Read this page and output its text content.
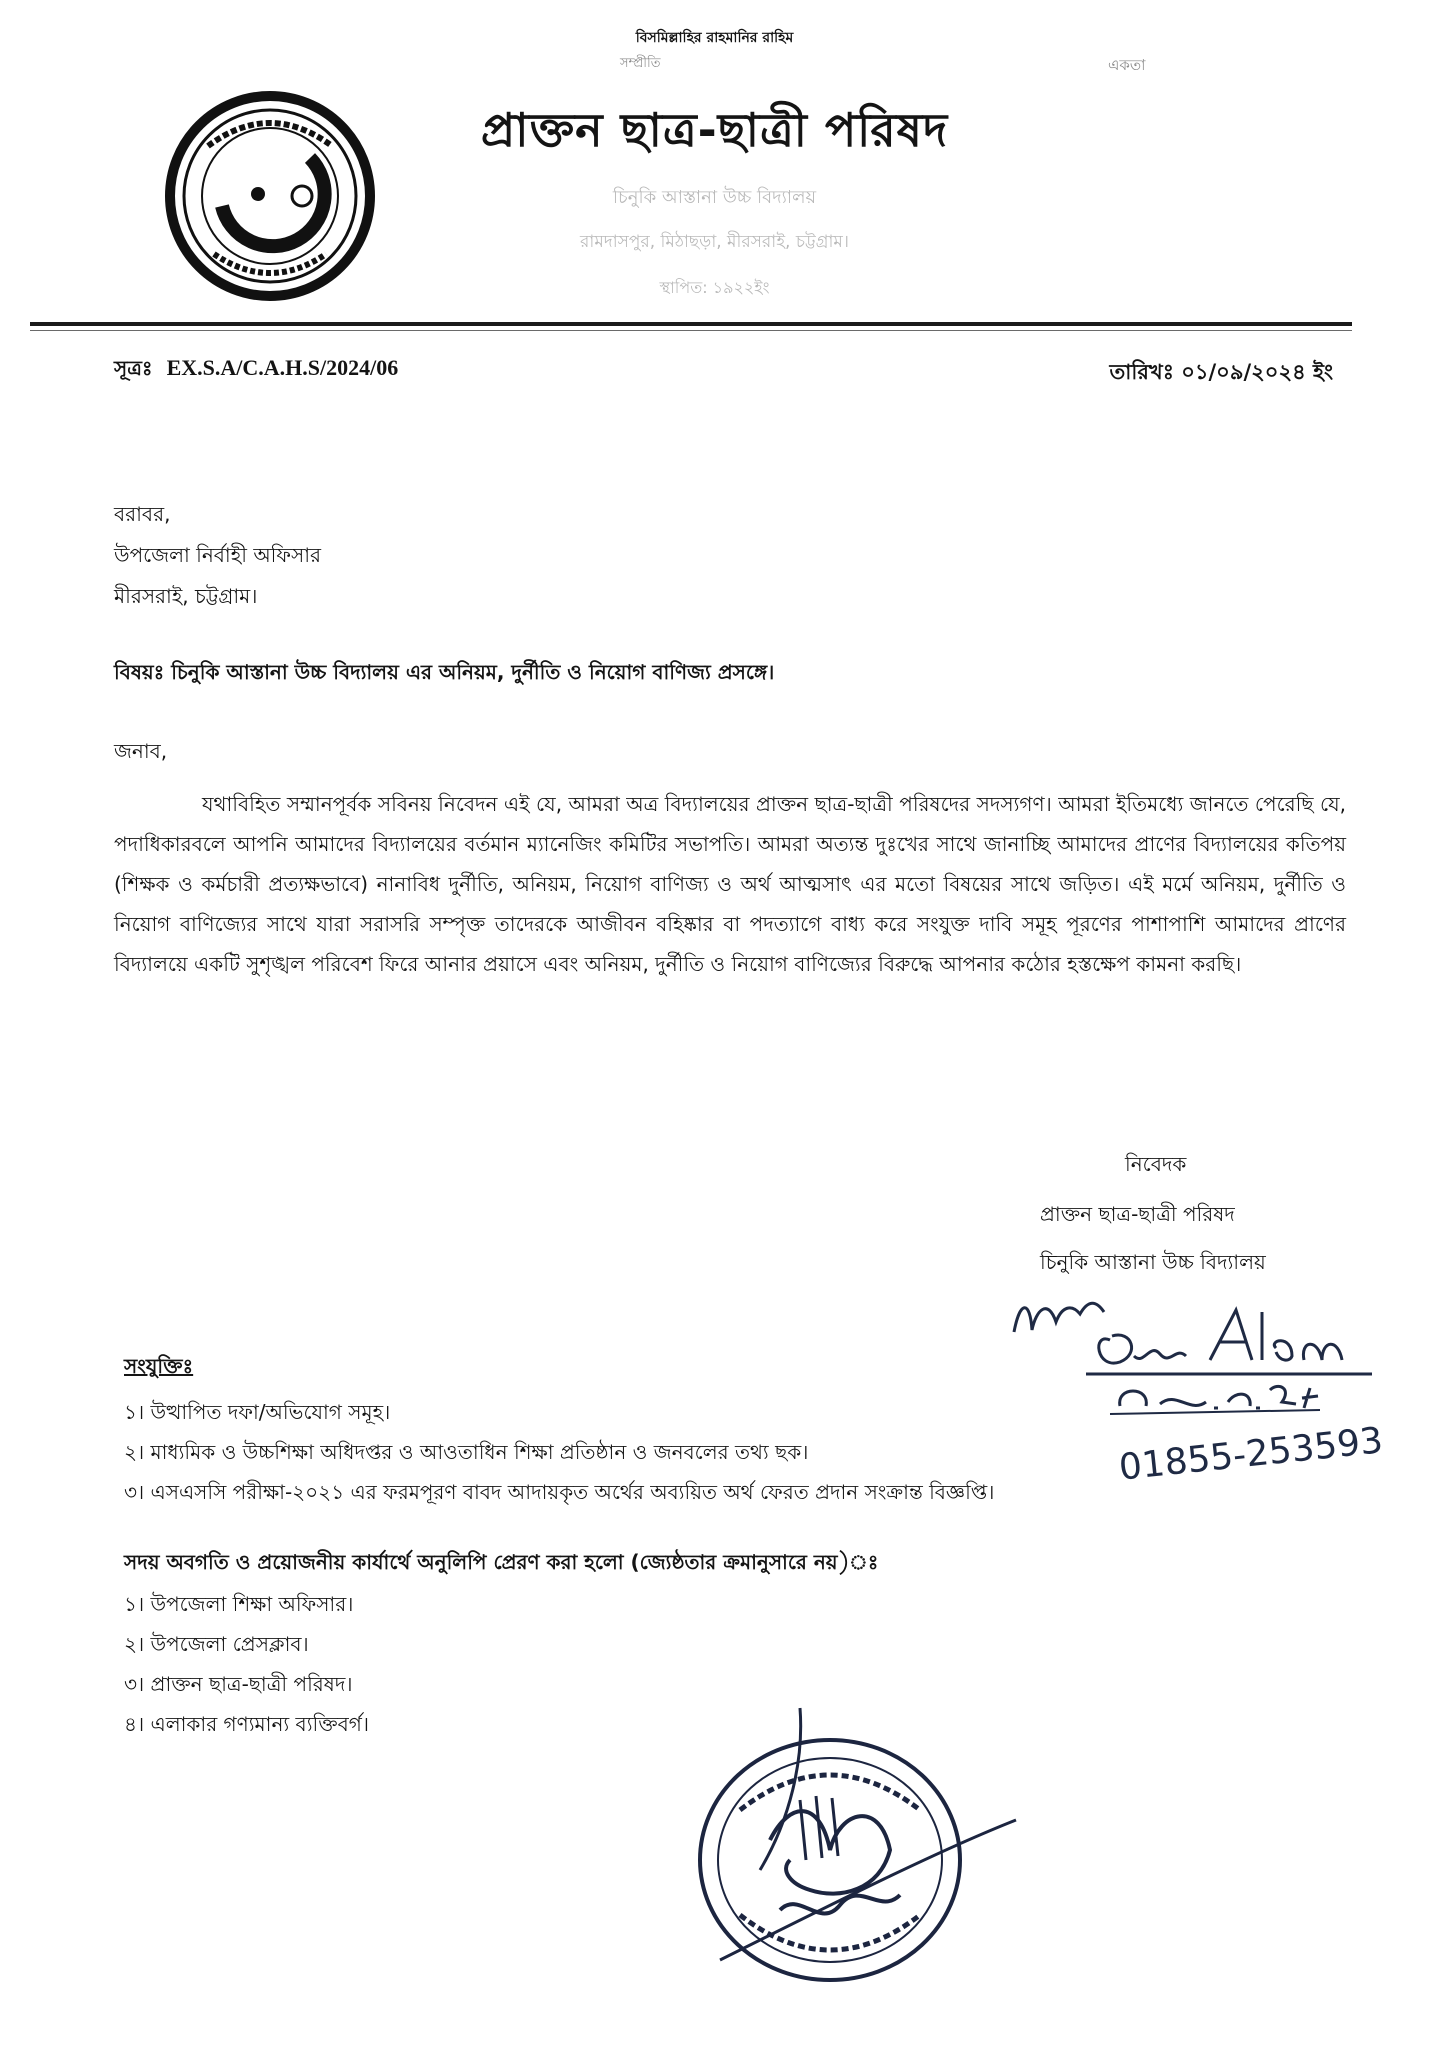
বিসমিল্লাহির রাহমানির রাহিম
সম্প্রীতি	একতা
প্রাক্তন ছাত্র-ছাত্রী পরিষদ
চিনুকি আস্তানা উচ্চ বিদ্যালয়
রামদাসপুর, মিঠাছড়া, মীরসরাই, চট্টগ্রাম।
স্থাপিত: ১৯২২ইং
সূত্রঃ EX.S.A/C.A.H.S/2024/06	তারিখঃ ০১/০৯/২০২৪ ইং
বরাবর,
উপজেলা নির্বাহী অফিসার
মীরসরাই, চট্টগ্রাম।
বিষয়ঃ চিনুকি আস্তানা উচ্চ বিদ্যালয় এর অনিয়ম, দুর্নীতি ও নিয়োগ বাণিজ্য প্রসঙ্গে।
জনাব,

যথাবিহিত সম্মানপূর্বক সবিনয় নিবেদন এই যে, আমরা অত্র বিদ্যালয়ের প্রাক্তন ছাত্র-ছাত্রী পরিষদের সদস্যগণ। আমরা ইতিমধ্যে জানতে পেরেছি যে, পদাধিকারবলে আপনি আমাদের বিদ্যালয়ের বর্তমান ম্যানেজিং কমিটির সভাপতি। আমরা অত্যন্ত দুঃখের সাথে জানাচ্ছি আমাদের প্রাণের বিদ্যালয়ের কতিপয় (শিক্ষক ও কর্মচারী প্রত্যক্ষভাবে) নানাবিধ দুর্নীতি, অনিয়ম, নিয়োগ বাণিজ্য ও অর্থ আত্মসাৎ এর মতো বিষয়ের সাথে জড়িত। এই মর্মে অনিয়ম, দুর্নীতি ও নিয়োগ বাণিজ্যের সাথে যারা সরাসরি সম্পৃক্ত তাদেরকে আজীবন বহিষ্কার বা পদত্যাগে বাধ্য করে সংযুক্ত দাবি সমূহ পূরণের পাশাপাশি আমাদের প্রাণের বিদ্যালয়ে একটি সুশৃঙ্খল পরিবেশ ফিরে আনার প্রয়াসে এবং অনিয়ম, দুর্নীতি ও নিয়োগ বাণিজ্যের বিরুদ্ধে আপনার কঠোর হস্তক্ষেপ কামনা করছি।

নিবেদক
প্রাক্তন ছাত্র-ছাত্রী পরিষদ
চিনুকি আস্তানা উচ্চ বিদ্যালয়
01855-253593
সংযুক্তিঃ
১। উত্থাপিত দফা/অভিযোগ সমূহ।
২। মাধ্যমিক ও উচ্চশিক্ষা অধিদপ্তর ও আওতাধিন শিক্ষা প্রতিষ্ঠান ও জনবলের তথ্য ছক।
৩। এসএসসি পরীক্ষা-২০২১ এর ফরমপূরণ বাবদ আদায়কৃত অর্থের অব্যয়িত অর্থ ফেরত প্রদান সংক্রান্ত বিজ্ঞপ্তি।
সদয় অবগতি ও প্রয়োজনীয় কার্যার্থে অনুলিপি প্রেরণ করা হলো (জ্যেষ্ঠতার ক্রমানুসারে নয়)ঃ
১। উপজেলা শিক্ষা অফিসার।
২। উপজেলা প্রেসক্লাব।
৩। প্রাক্তন ছাত্র-ছাত্রী পরিষদ।
৪। এলাকার গণ্যমান্য ব্যক্তিবর্গ।
